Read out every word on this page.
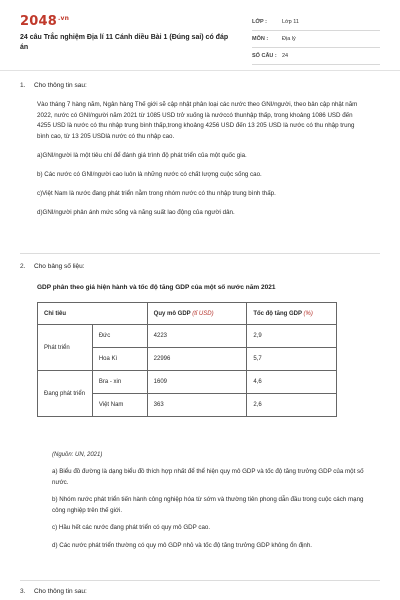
$2048^{.vn}$
24 câu Trắc nghiệm Địa lí 11 Cánh diều Bài 1 (Đúng sai) có đáp án
LỚP :	Lớp 11
MÔN :	Địa lý
SỐ CÂU : 24
1. Cho thông tin sau:
Vào tháng 7 hàng năm, Ngân hàng Thế giới sẽ cập nhật phân loại các nước theo GNI/người, theo bản cập nhật năm 2022, nước có GNI/người năm 2021 từ 1085 USD trở xuống là nướccó thunhập thấp, trong khoảng 1086 USD đến 4255 USD là nước có thu nhập trung bình thấp,trong khoảng 4256 USD đến 13 205 USD là nước có thu nhập trung bình cao, từ 13 205 USDlà nước có thu nhập cao.
a)GNI/người là một tiêu chí để đánh giá trình độ phát triển của một quốc gia.
b) Các nước có GNI/người cao luôn là những nước có chất lượng cuộc sống cao.
c)Việt Nam là nước đang phát triển nằm trong nhóm nước có thu nhập trung bình thấp.
d)GNI/người phản ánh mức sống và năng suất lao động của người dân.
2. Cho bảng số liệu:
GDP phân theo giá hiện hành và tốc độ tăng GDP của một số nước năm 2021
Chỉ tiêu		Quy mô GDP (tỉ USD)	Tốc độ tăng GDP (%)
Phát triển	Đức	4223	2,9
	Hoa Kì	22996	5,7
Đang phát triển	Bra - xin	1609	4,6
	Việt Nam	363	2,6
(Nguồn: UN, 2021)
a) Biểu đồ đường là dạng biểu đồ thích hợp nhất để thể hiện quy mô GDP và tốc độ tăng trưởng GDP của một số nước.
b) Nhóm nước phát triển tiến hành công nghiệp hóa từ sớm và thường tiên phong dẫn đầu trong cuộc cách mạng công nghiệp trên thế giới.
c) Hầu hết các nước đang phát triển có quy mô GDP cao.
d) Các nước phát triển thường có quy mô GDP nhỏ và tốc độ tăng trưởng GDP không ổn định.
3. Cho thông tin sau:
